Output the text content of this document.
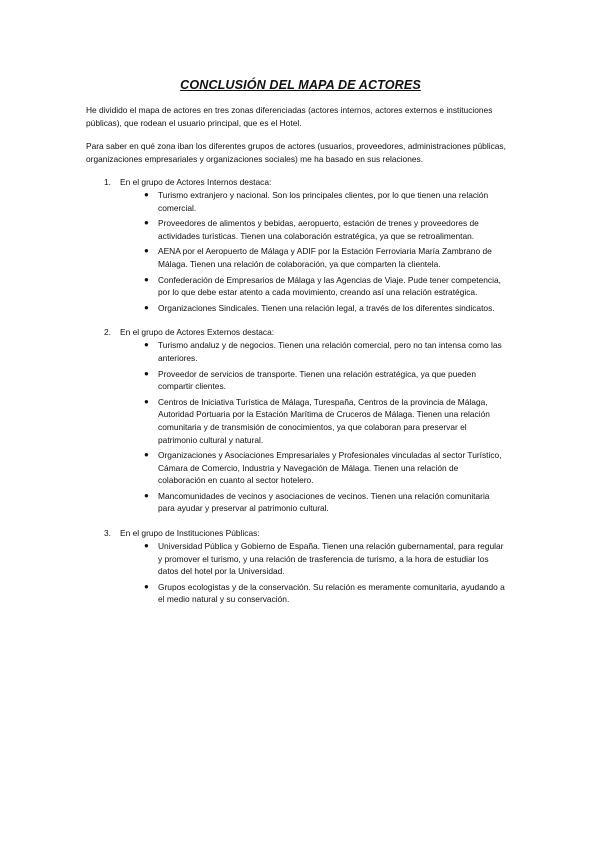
CONCLUSIÓN DEL MAPA DE ACTORES

He dividido el mapa de actores en tres zonas diferenciadas (actores internos, actores externos e instituciones públicas), que rodean el usuario principal, que es el Hotel.

Para saber en qué zona iban los diferentes grupos de actores (usuarios, proveedores, administraciones públicas, organizaciones empresariales y organizaciones sociales) me ha basado en sus relaciones.

1. En el grupo de Actores Internos destaca:

● Turismo extranjero y nacional. Son los principales clientes, por lo que tienen una relación comercial.
● Proveedores de alimentos y bebidas, aeropuerto, estación de trenes y proveedores de actividades turísticas. Tienen una colaboración estratégica, ya que se retroalimentan.
● AENA por el Aeropuerto de Málaga y ADIF por la Estación Ferroviaria María Zambrano de Málaga. Tienen una relación de colaboración, ya que comparten la clientela.
● Confederación de Empresarios de Málaga y las Agencias de Viaje. Pude tener competencia, por lo que debe estar atento a cada movimiento, creando así una relación estratégica.
● Organizaciones Sindicales. Tienen una relación legal, a través de los diferentes sindicatos.

2. En el grupo de Actores Externos destaca:

● Turismo andaluz y de negocios. Tienen una relación comercial, pero no tan intensa como las anteriores.
● Proveedor de servicios de transporte. Tienen una relación estratégica, ya que pueden compartir clientes.
● Centros de Iniciativa Turística de Málaga, Turespaña, Centros de la provincia de Málaga, Autoridad Portuaria por la Estación Marítima de Cruceros de Málaga. Tienen una relación comunitaria y de transmisión de conocimientos, ya que colaboran para preservar el patrimonio cultural y natural.
● Organizaciones y Asociaciones Empresariales y Profesionales vinculadas al sector Turístico, Cámara de Comercio, Industria y Navegación de Málaga. Tienen una relación de colaboración en cuanto al sector hotelero.
● Mancomunidades de vecinos y asociaciones de vecinos. Tienen una relación comunitaria para ayudar y preservar al patrimonio cultural.

3. En el grupo de Instituciones Públicas:

● Universidad Pública y Gobierno de España. Tienen una relación gubernamental, para regular y promover el turismo, y una relación de trasferencia de turismo, a la hora de estudiar los datos del hotel por la Universidad.
● Grupos ecologistas y de la conservación. Su relación es meramente comunitaria, ayudando a el medio natural y su conservación.
